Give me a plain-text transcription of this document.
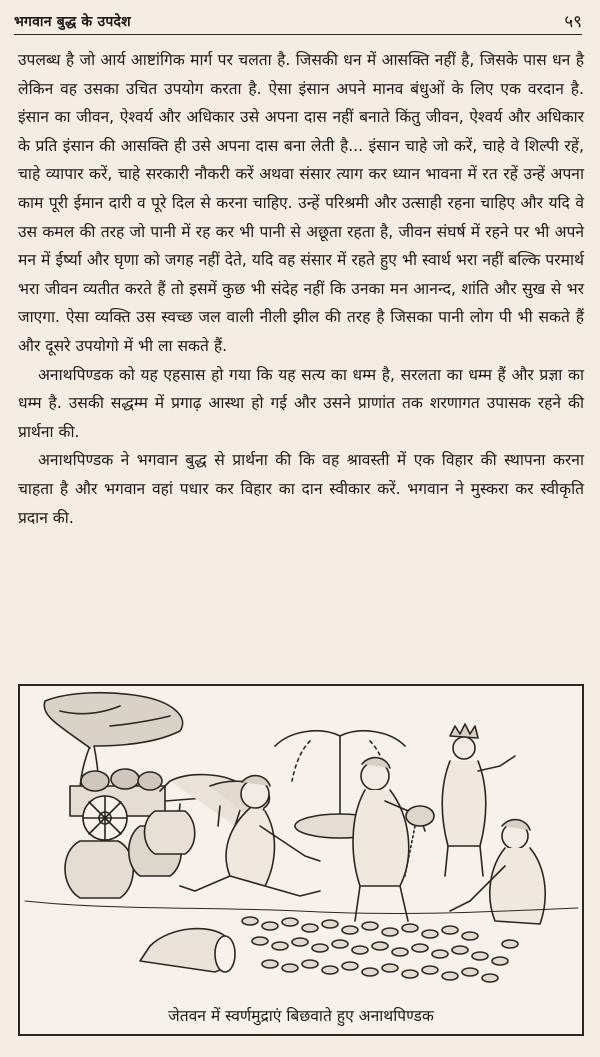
भगवान बुद्ध के उपदेश	५९

उपलब्ध है जो आर्य आष्टांगिक मार्ग पर चलता है. जिसकी धन में आसक्ति नहीं है, जिसके पास धन है लेकिन वह उसका उचित उपयोग करता है. ऐसा इंसान अपने मानव बंधुओं के लिए एक वरदान है. इंसान का जीवन, ऐश्वर्य और अधिकार उसे अपना दास नहीं बनाते किंतु जीवन, ऐश्वर्य और अधिकार के प्रति इंसान की आसक्ति ही उसे अपना दास बना लेती है... इंसान चाहे जो करें, चाहे वे शिल्पी रहें, चाहे व्यापार करें, चाहे सरकारी नौकरी करें अथवा संसार त्याग कर ध्यान भावना में रत रहें उन्हें अपना काम पूरी ईमान दारी व पूरे दिल से करना चाहिए. उन्हें परिश्रमी और उत्साही रहना चाहिए और यदि वे उस कमल की तरह जो पानी में रह कर भी पानी से अछूता रहता है, जीवन संघर्ष में रहने पर भी अपने मन में ईर्ष्या और घृणा को जगह नहीं देते, यदि वह संसार में रहते हुए भी स्वार्थ भरा नहीं बल्कि परमार्थ भरा जीवन व्यतीत करते हैं तो इसमें कुछ भी संदेह नहीं कि उनका मन आनन्द, शांति और सुख से भर जाएगा. ऐसा व्यक्ति उस स्वच्छ जल वाली नीली झील की तरह है जिसका पानी लोग पी भी सकते हैं और दूसरे उपयोगो में भी ला सकते हैं.

अनाथपिण्डक को यह एहसास हो गया कि यह सत्य का धम्म है, सरलता का धम्म हैं और प्रज्ञा का धम्म है. उसकी सद्धम्म में प्रगाढ़ आस्था हो गई और उसने प्राणांत तक शरणागत उपासक रहने की प्रार्थना की.

अनाथपिण्डक ने भगवान बुद्ध से प्रार्थना की कि वह श्रावस्ती में एक विहार की स्थापना करना चाहता है और भगवान वहां पधार कर विहार का दान स्वीकार करें. भगवान ने मुस्करा कर स्वीकृति प्रदान की.

जेतवन में स्वर्णमुद्राएं बिछवाते हुए अनाथपिण्डक
